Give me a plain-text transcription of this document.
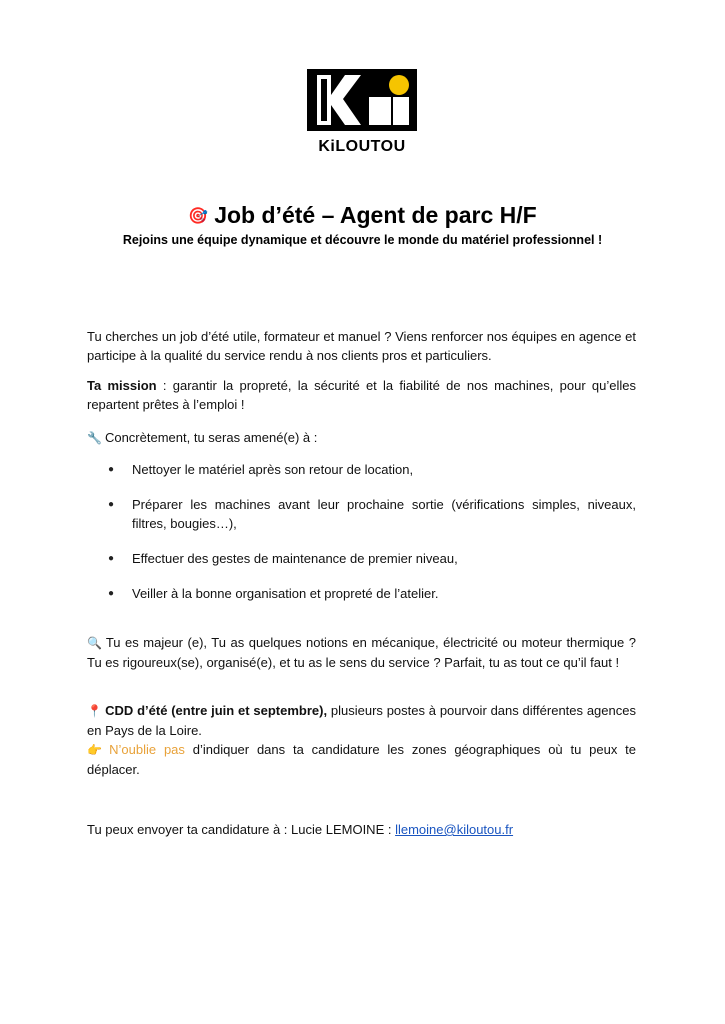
KiLOUTOU
🎯 Job d’été – Agent de parc H/F
Rejoins une équipe dynamique et découvre le monde du matériel professionnel !
Tu cherches un job d’été utile, formateur et manuel ? Viens renforcer nos équipes en agence et participe à la qualité du service rendu à nos clients pros et particuliers.
Ta mission : garantir la propreté, la sécurité et la fiabilité de nos machines, pour qu’elles repartent prêtes à l’emploi !
🔧 Concrètement, tu seras amené(e) à :
● Nettoyer le matériel après son retour de location,
● Préparer les machines avant leur prochaine sortie (vérifications simples, niveaux, filtres, bougies…),
● Effectuer des gestes de maintenance de premier niveau,
● Veiller à la bonne organisation et propreté de l’atelier.
🔍 Tu es majeur (e), Tu as quelques notions en mécanique, électricité ou moteur thermique ? Tu es rigoureux(se), organisé(e), et tu as le sens du service ? Parfait, tu as tout ce qu’il faut !
📍 CDD d’été (entre juin et septembre), plusieurs postes à pourvoir dans différentes agences en Pays de la Loire.
👉 N’oublie pas d’indiquer dans ta candidature les zones géographiques où tu peux te déplacer.
Tu peux envoyer ta candidature à : Lucie LEMOINE : llemoine@kiloutou.fr
